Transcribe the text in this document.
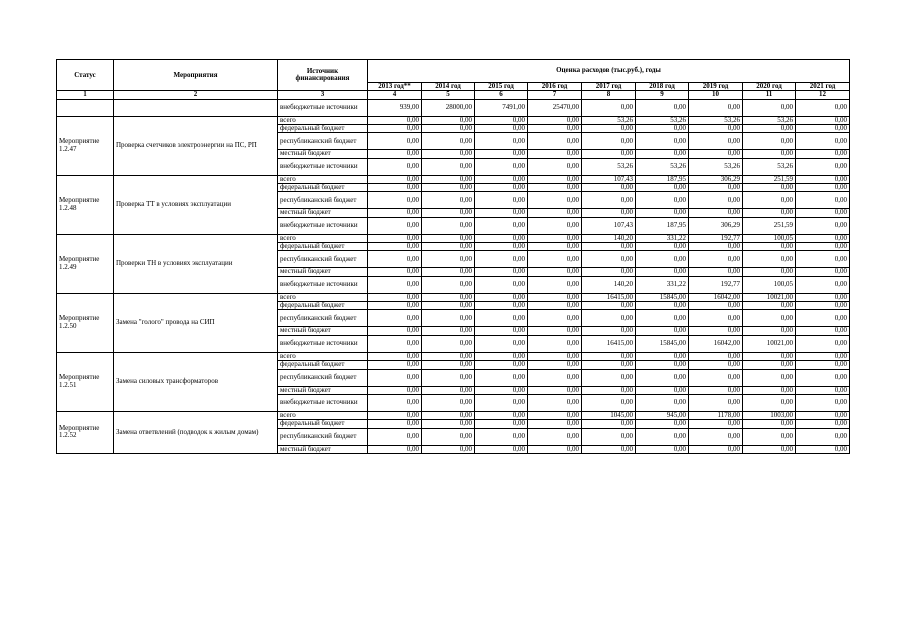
Статус	Мероприятия	Источник финансирования	Оценка расходов (тыс.руб.), годы								
			2013 год**	2014 год	2015 год	2016 год	2017 год	2018 год	2019 год	2020 год	2021 год
1	2	3	4	5	6	7	8	9	10	11	12
		внебюджетные источники	939,00	28000,00	7491,00	25470,00	0,00	0,00	0,00	0,00	0,00
Мероприятие 1.2.47	Проверка счетчиков электроэнергии на ПС, РП	всего	0,00	0,00	0,00	0,00	53,26	53,26	53,26	53,26	0,00
		федеральный бюджет	0,00	0,00	0,00	0,00	0,00	0,00	0,00	0,00	0,00
		республиканский бюджет	0,00	0,00	0,00	0,00	0,00	0,00	0,00	0,00	0,00
		местный бюджет	0,00	0,00	0,00	0,00	0,00	0,00	0,00	0,00	0,00
		внебюджетные источники	0,00	0,00	0,00	0,00	53,26	53,26	53,26	53,26	0,00
Мероприятие 1.2.48	Проверка ТТ в условиях эксплуатации	всего	0,00	0,00	0,00	0,00	107,43	187,95	306,29	251,59	0,00
		федеральный бюджет	0,00	0,00	0,00	0,00	0,00	0,00	0,00	0,00	0,00
		республиканский бюджет	0,00	0,00	0,00	0,00	0,00	0,00	0,00	0,00	0,00
		местный бюджет	0,00	0,00	0,00	0,00	0,00	0,00	0,00	0,00	0,00
		внебюджетные источники	0,00	0,00	0,00	0,00	107,43	187,95	306,29	251,59	0,00
Мероприятие 1.2.49	Проверки ТН в условиях эксплуатации	всего	0,00	0,00	0,00	0,00	140,20	331,22	192,77	100,05	0,00
		федеральный бюджет	0,00	0,00	0,00	0,00	0,00	0,00	0,00	0,00	0,00
		республиканский бюджет	0,00	0,00	0,00	0,00	0,00	0,00	0,00	0,00	0,00
		местный бюджет	0,00	0,00	0,00	0,00	0,00	0,00	0,00	0,00	0,00
		внебюджетные источники	0,00	0,00	0,00	0,00	140,20	331,22	192,77	100,05	0,00
Мероприятие 1.2.50	Замена "голого" провода на СИП	всего	0,00	0,00	0,00	0,00	16415,00	15845,00	16042,00	10021,00	0,00
		федеральный бюджет	0,00	0,00	0,00	0,00	0,00	0,00	0,00	0,00	0,00
		республиканский бюджет	0,00	0,00	0,00	0,00	0,00	0,00	0,00	0,00	0,00
		местный бюджет	0,00	0,00	0,00	0,00	0,00	0,00	0,00	0,00	0,00
		внебюджетные источники	0,00	0,00	0,00	0,00	16415,00	15845,00	16042,00	10021,00	0,00
Мероприятие 1.2.51	Замена силовых трансформаторов	всего	0,00	0,00	0,00	0,00	0,00	0,00	0,00	0,00	0,00
		федеральный бюджет	0,00	0,00	0,00	0,00	0,00	0,00	0,00	0,00	0,00
		республиканский бюджет	0,00	0,00	0,00	0,00	0,00	0,00	0,00	0,00	0,00
		местный бюджет	0,00	0,00	0,00	0,00	0,00	0,00	0,00	0,00	0,00
		внебюджетные источники	0,00	0,00	0,00	0,00	0,00	0,00	0,00	0,00	0,00
Мероприятие 1.2.52	Замена ответвлений (подводок к жилым домам)	всего	0,00	0,00	0,00	0,00	1045,00	945,00	1178,00	1003,00	0,00
		федеральный бюджет	0,00	0,00	0,00	0,00	0,00	0,00	0,00	0,00	0,00
		республиканский бюджет	0,00	0,00	0,00	0,00	0,00	0,00	0,00	0,00	0,00
		местный бюджет	0,00	0,00	0,00	0,00	0,00	0,00	0,00	0,00	0,00
